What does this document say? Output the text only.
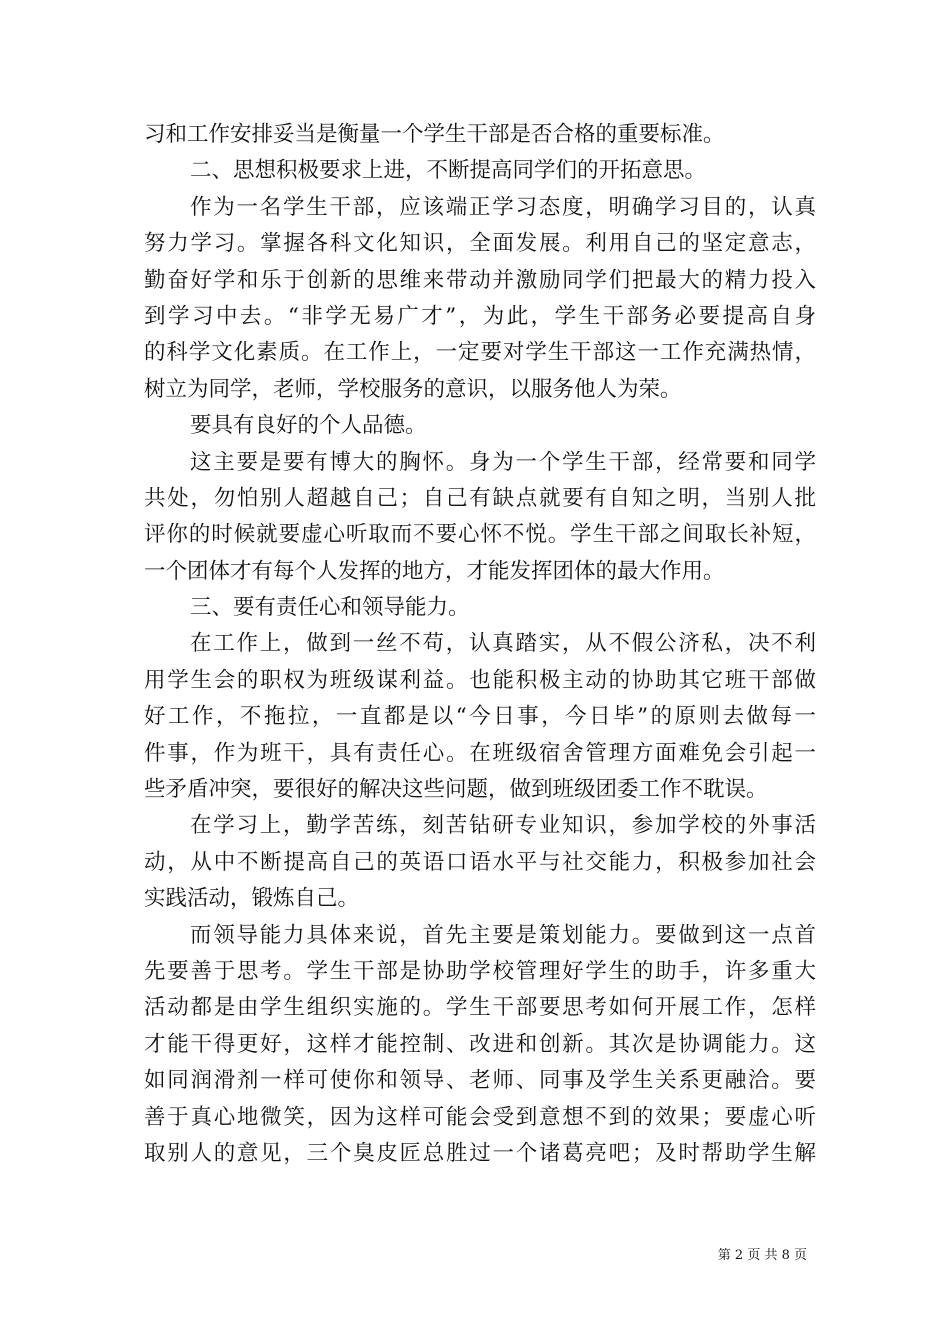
习和工作安排妥当是衡量一个学生干部是否合格的重要标准。
二、思想积极要求上进，不断提高同学们的开拓意思。
作为一名学生干部，应该端正学习态度，明确学习目的，认真
努力学习。掌握各科文化知识，全面发展。利用自己的坚定意志，
勤奋好学和乐于创新的思维来带动并激励同学们把最大的精力投入
到学习中去。“非学无易广才”，为此，学生干部务必要提高自身
的科学文化素质。在工作上，一定要对学生干部这一工作充满热情，
树立为同学，老师，学校服务的意识，以服务他人为荣。
要具有良好的个人品德。
这主要是要有博大的胸怀。身为一个学生干部，经常要和同学
共处，勿怕别人超越自己；自己有缺点就要有自知之明，当别人批
评你的时候就要虚心听取而不要心怀不悦。学生干部之间取长补短，
一个团体才有每个人发挥的地方，才能发挥团体的最大作用。
三、要有责任心和领导能力。
在工作上，做到一丝不苟，认真踏实，从不假公济私，决不利
用学生会的职权为班级谋利益。也能积极主动的协助其它班干部做
好工作，不拖拉，一直都是以“今日事，今日毕”的原则去做每一
件事，作为班干，具有责任心。在班级宿舍管理方面难免会引起一
些矛盾冲突，要很好的解决这些问题，做到班级团委工作不耽误。
在学习上，勤学苦练，刻苦钻研专业知识，参加学校的外事活
动，从中不断提高自己的英语口语水平与社交能力，积极参加社会
实践活动，锻炼自己。
而领导能力具体来说，首先主要是策划能力。要做到这一点首
先要善于思考。学生干部是协助学校管理好学生的助手，许多重大
活动都是由学生组织实施的。学生干部要思考如何开展工作，怎样
才能干得更好，这样才能控制、改进和创新。其次是协调能力。这
如同润滑剂一样可使你和领导、老师、同事及学生关系更融洽。要
善于真心地微笑，因为这样可能会受到意想不到的效果；要虚心听
取别人的意见，三个臭皮匠总胜过一个诸葛亮吧；及时帮助学生解
第 2 页 共 8 页
